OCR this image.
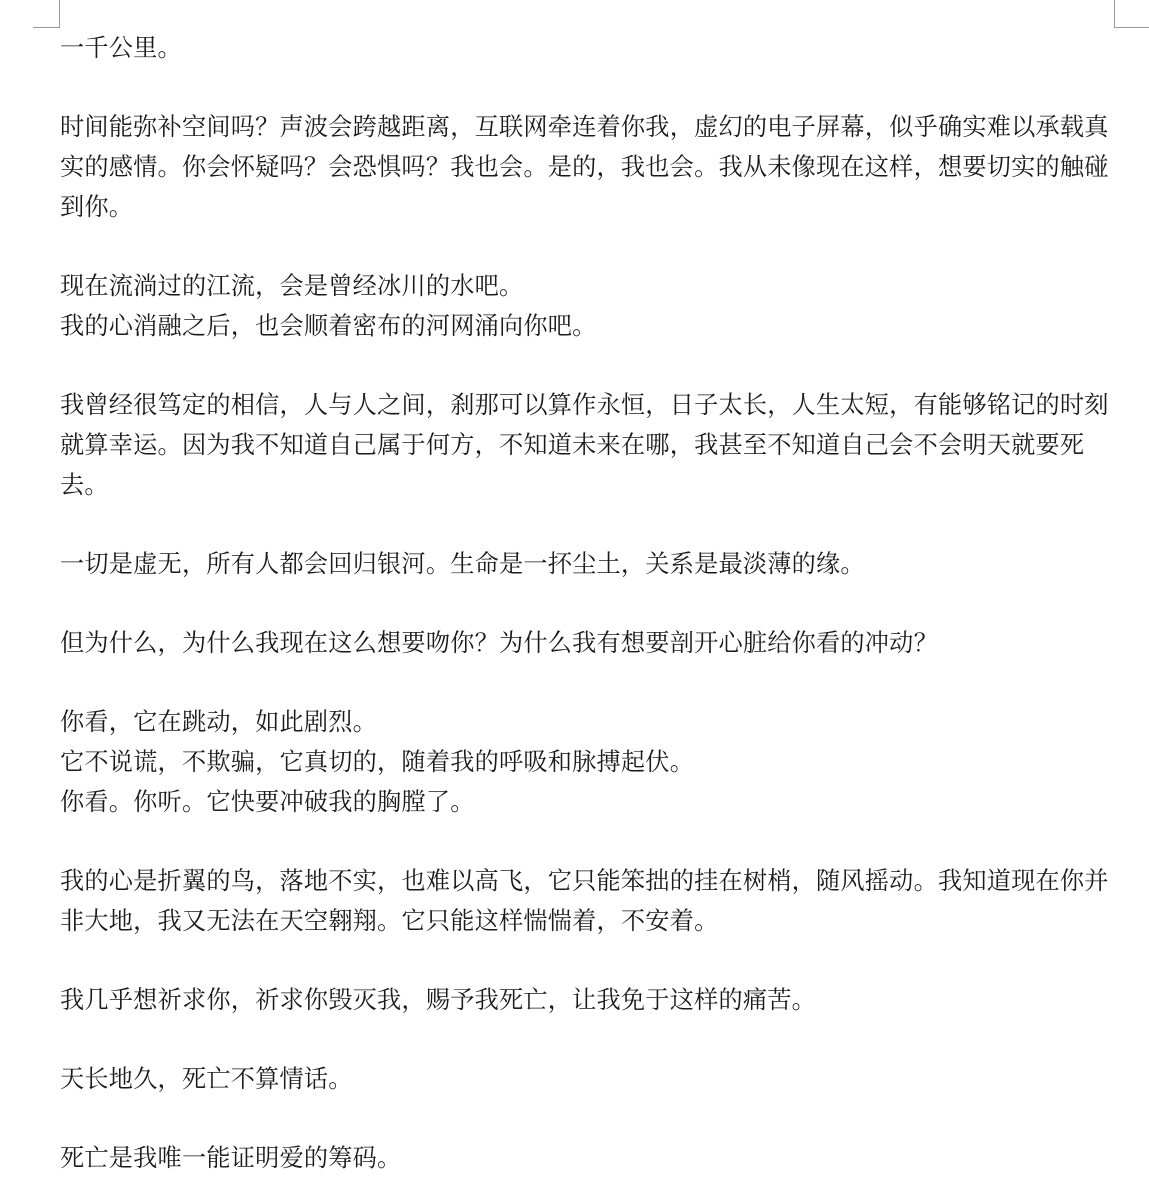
一千公里。

时间能弥补空间吗？声波会跨越距离，互联网牵连着你我，虚幻的电子屏幕，似乎确实难以承载真实的感情。你会怀疑吗？会恐惧吗？我也会。是的，我也会。我从未像现在这样，想要切实的触碰到你。

现在流淌过的江流，会是曾经冰川的水吧。
我的心消融之后，也会顺着密布的河网涌向你吧。

我曾经很笃定的相信，人与人之间，刹那可以算作永恒，日子太长，人生太短，有能够铭记的时刻就算幸运。因为我不知道自己属于何方，不知道未来在哪，我甚至不知道自己会不会明天就要死去。

一切是虚无，所有人都会回归银河。生命是一抔尘土，关系是最淡薄的缘。

但为什么，为什么我现在这么想要吻你？为什么我有想要剖开心脏给你看的冲动？

你看，它在跳动，如此剧烈。
它不说谎，不欺骗，它真切的，随着我的呼吸和脉搏起伏。
你看。你听。它快要冲破我的胸膛了。

我的心是折翼的鸟，落地不实，也难以高飞，它只能笨拙的挂在树梢，随风摇动。我知道现在你并非大地，我又无法在天空翱翔。它只能这样惴惴着，不安着。

我几乎想祈求你，祈求你毁灭我，赐予我死亡，让我免于这样的痛苦。

天长地久，死亡不算情话。

死亡是我唯一能证明爱的筹码。
